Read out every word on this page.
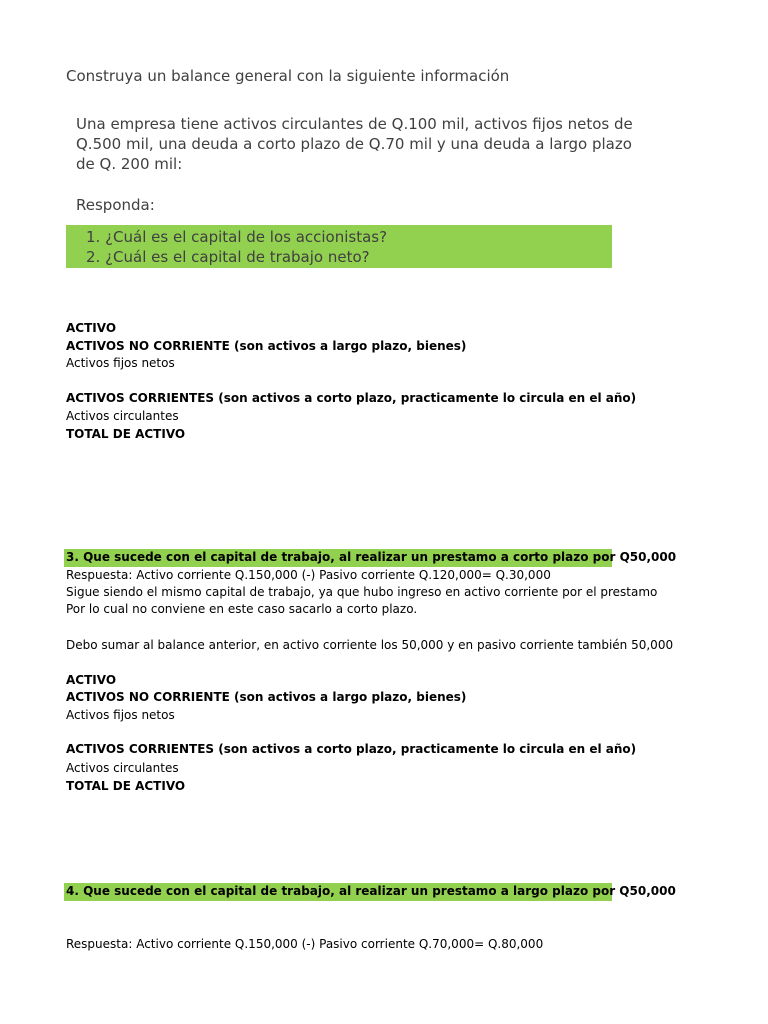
Construya un balance general con la siguiente información
Una empresa tiene activos circulantes de Q.100 mil, activos fijos netos de
Q.500 mil, una deuda a corto plazo de Q.70 mil y una deuda a largo plazo
de Q. 200 mil:
Responda:
1. ¿Cuál es el capital de los accionistas?
2. ¿Cuál es el capital de trabajo neto?
ACTIVO
ACTIVOS NO CORRIENTE (son activos a largo plazo, bienes)
Activos fijos netos
ACTIVOS CORRIENTES (son activos a corto plazo, practicamente lo circula en el año)
Activos circulantes
TOTAL DE ACTIVO
3. Que sucede con el capital de trabajo, al realizar un prestamo a corto plazo por Q50,000
Respuesta: Activo corriente Q.150,000 (-) Pasivo corriente Q.120,000= Q.30,000
Sigue siendo el mismo capital de trabajo, ya que hubo ingreso en activo corriente por el prestamo
Por lo cual no conviene en este caso sacarlo a corto plazo.
Debo sumar al balance anterior, en activo corriente los 50,000 y en pasivo corriente también 50,000
ACTIVO
ACTIVOS NO CORRIENTE (son activos a largo plazo, bienes)
Activos fijos netos
ACTIVOS CORRIENTES (son activos a corto plazo, practicamente lo circula en el año)
Activos circulantes
TOTAL DE ACTIVO
4. Que sucede con el capital de trabajo, al realizar un prestamo a largo plazo por Q50,000
Respuesta: Activo corriente Q.150,000 (-) Pasivo corriente Q.70,000= Q.80,000
